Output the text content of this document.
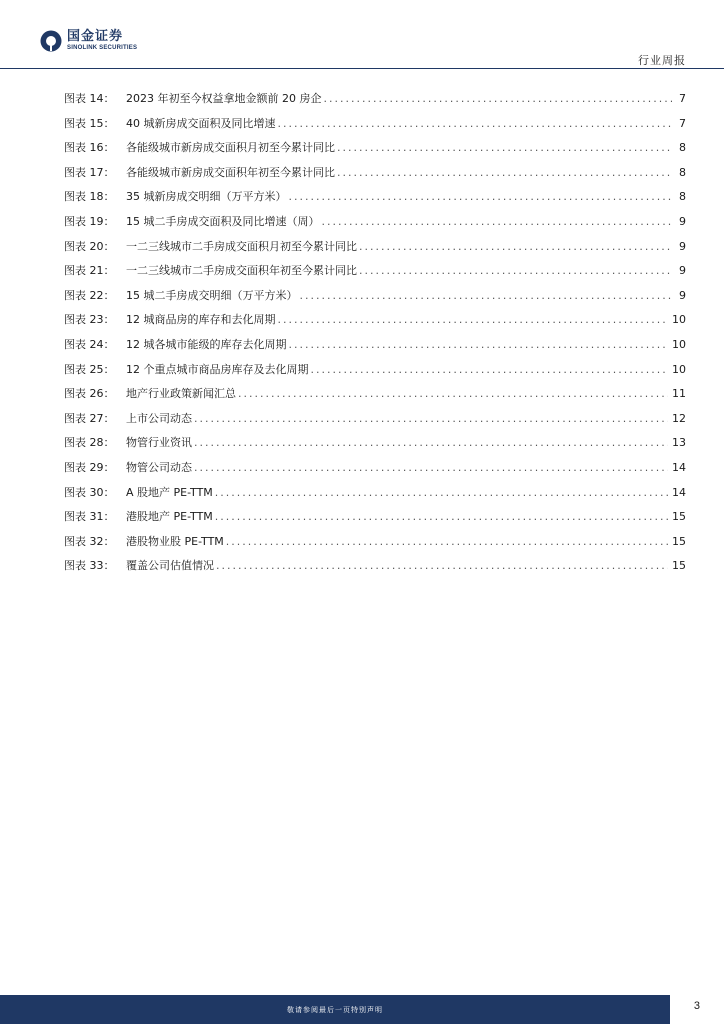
国金证券
SINOLINK SECURITIES
行业周报
图表 14：	2023 年初至今权益拿地金额前 20 房企 .....	7
图表 15：	40 城新房成交面积及同比增速 .....	7
图表 16：	各能级城市新房成交面积月初至今累计同比 .....	8
图表 17：	各能级城市新房成交面积年初至今累计同比 .....	8
图表 18：	35 城新房成交明细（万平方米） .....	8
图表 19：	15 城二手房成交面积及同比增速（周） .....	9
图表 20：	一二三线城市二手房成交面积月初至今累计同比 .....	9
图表 21：	一二三线城市二手房成交面积年初至今累计同比 .....	9
图表 22：	15 城二手房成交明细（万平方米） .....	9
图表 23：	12 城商品房的库存和去化周期 .....	10
图表 24：	12 城各城市能级的库存去化周期 .....	10
图表 25：	12 个重点城市商品房库存及去化周期 .....	10
图表 26：	地产行业政策新闻汇总 .....	11
图表 27：	上市公司动态 .....	12
图表 28：	物管行业资讯 .....	13
图表 29：	物管公司动态 .....	14
图表 30：	A 股地产 PE-TTM .....	14
图表 31：	港股地产 PE-TTM .....	15
图表 32：	港股物业股 PE-TTM .....	15
图表 33：	覆盖公司估值情况 .....	15
敬请参阅最后一页特别声明	3
